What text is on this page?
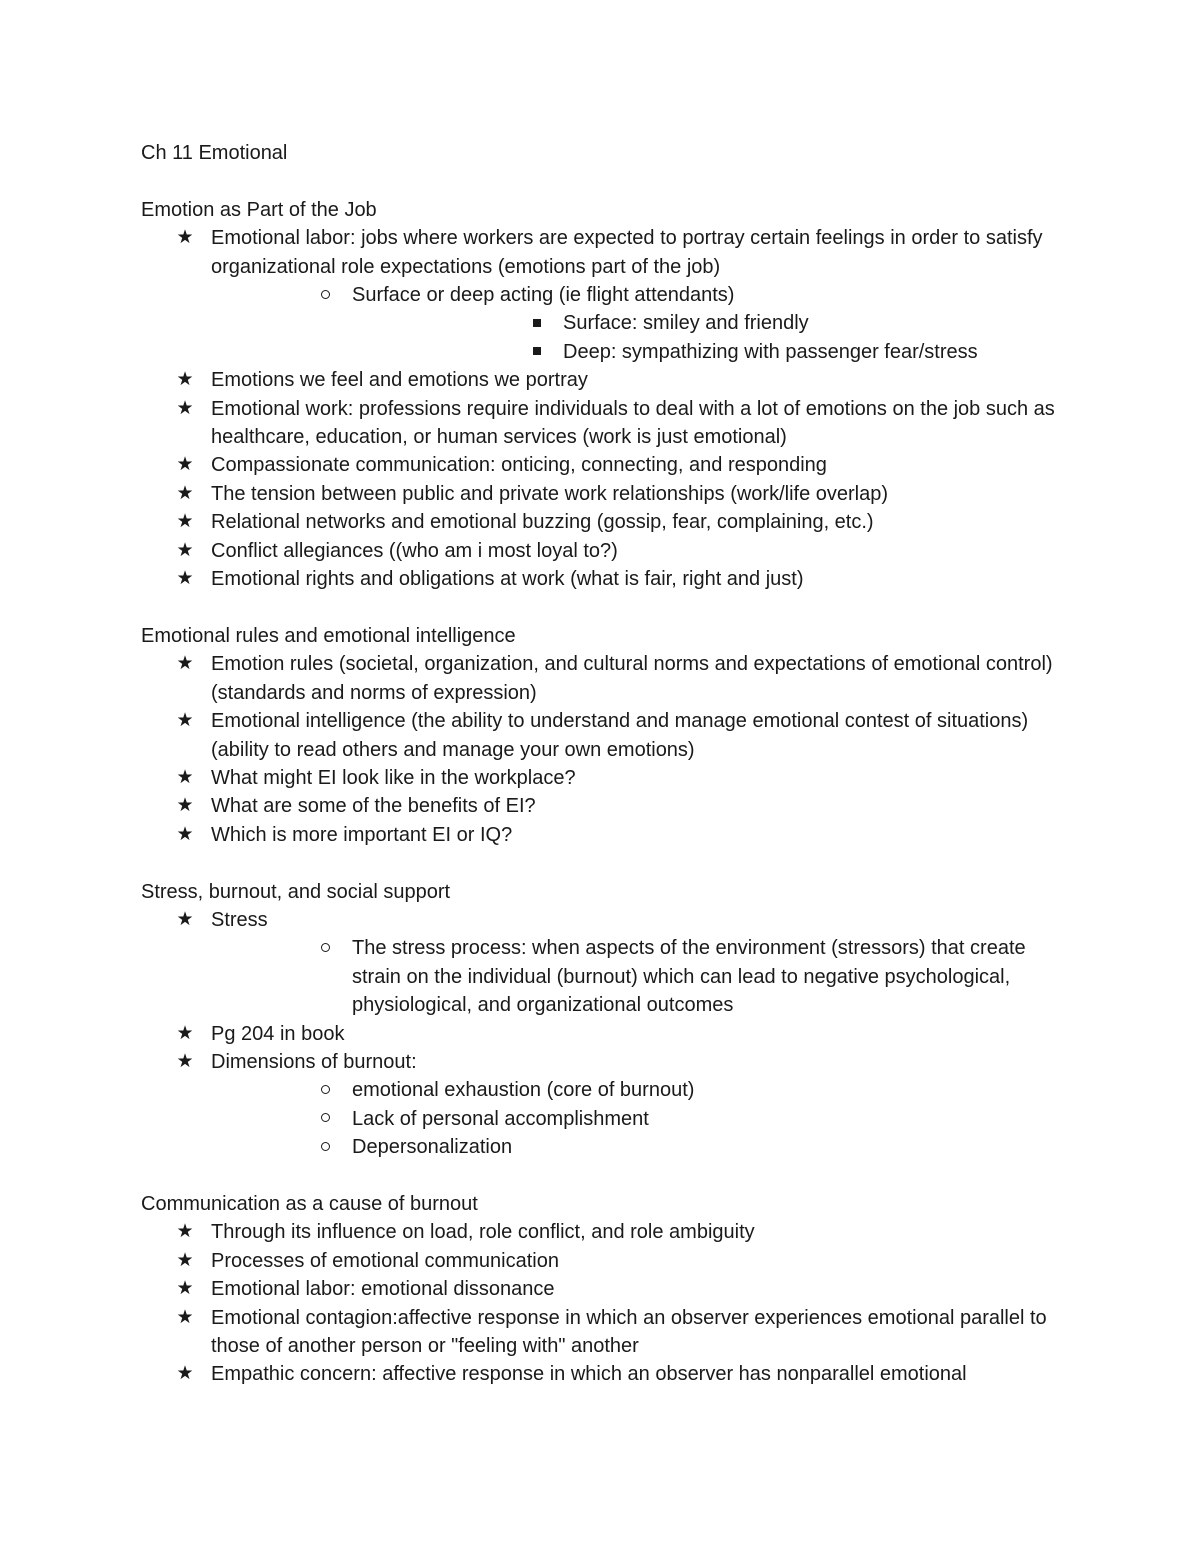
Ch 11 Emotional
Emotion as Part of the Job
★ Emotional labor: jobs where workers are expected to portray certain feelings in order to satisfy organizational role expectations (emotions part of the job)
Surface or deep acting (ie flight attendants)
Surface: smiley and friendly
Deep: sympathizing with passenger fear/stress
★ Emotions we feel and emotions we portray
★ Emotional work: professions require individuals to deal with a lot of emotions on the job such as healthcare, education, or human services (work is just emotional)
★ Compassionate communication: onticing, connecting, and responding
★ The tension between public and private work relationships (work/life overlap)
★ Relational networks and emotional buzzing (gossip, fear, complaining, etc.)
★ Conflict allegiances ((who am i most loyal to?)
★ Emotional rights and obligations at work (what is fair, right and just)
Emotional rules and emotional intelligence
★ Emotion rules (societal, organization, and cultural norms and expectations of emotional control) (standards and norms of expression)
★ Emotional intelligence (the ability to understand and manage emotional contest of situations) (ability to read others and manage your own emotions)
★ What might EI look like in the workplace?
★ What are some of the benefits of EI?
★ Which is more important EI or IQ?
Stress, burnout, and social support
★ Stress
The stress process: when aspects of the environment (stressors) that create strain on the individual (burnout) which can lead to negative psychological, physiological, and organizational outcomes
★ Pg 204 in book
★ Dimensions of burnout:
emotional exhaustion (core of burnout)
Lack of personal accomplishment
Depersonalization
Communication as a cause of burnout
★ Through its influence on load, role conflict, and role ambiguity
★ Processes of emotional communication
★ Emotional labor: emotional dissonance
★ Emotional contagion:affective response in which an observer experiences emotional parallel to those of another person or "feeling with" another
★ Empathic concern: affective response in which an observer has nonparallel emotional
